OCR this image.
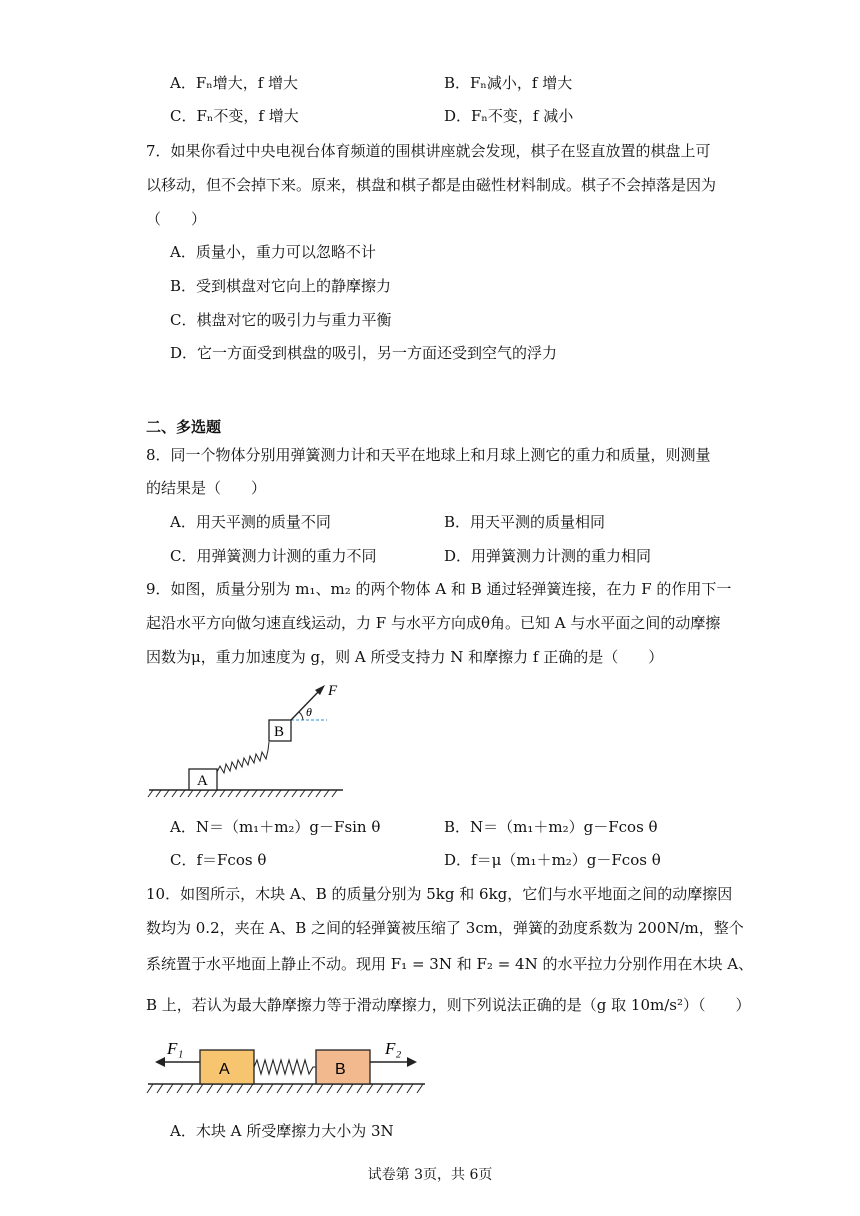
A．Fₙ增大，f 增大	B．Fₙ减小，f 增大
C．Fₙ不变，f 增大	D．Fₙ不变，f 减小
7．如果你看过中央电视台体育频道的围棋讲座就会发现，棋子在竖直放置的棋盘上可
以移动，但不会掉下来。原来，棋盘和棋子都是由磁性材料制成。棋子不会掉落是因为
（　　）
A．质量小，重力可以忽略不计
B．受到棋盘对它向上的静摩擦力
C．棋盘对它的吸引力与重力平衡
D．它一方面受到棋盘的吸引，另一方面还受到空气的浮力
二、多选题
8．同一个物体分别用弹簧测力计和天平在地球上和月球上测它的重力和质量，则测量
的结果是（　　）
A．用天平测的质量不同	B．用天平测的质量相同
C．用弹簧测力计测的重力不同	D．用弹簧测力计测的重力相同
9．如图，质量分别为 m₁、m₂ 的两个物体 A 和 B 通过轻弹簧连接，在力 F 的作用下一
起沿水平方向做匀速直线运动，力 F 与水平方向成θ角。已知 A 与水平面之间的动摩擦
因数为μ，重力加速度为 g，则 A 所受支持力 N 和摩擦力 f 正确的是（　　）
A
B
F
θ
A．N＝（m₁＋m₂）g－Fsin θ	B．N＝（m₁＋m₂）g－Fcos θ
C．f＝Fcos θ	D．f＝μ（m₁＋m₂）g－Fcos θ
10．如图所示，木块 A、B 的质量分别为 5kg 和 6kg，它们与水平地面之间的动摩擦因
数均为 0.2，夹在 A、B 之间的轻弹簧被压缩了 3cm，弹簧的劲度系数为 200N/m，整个
系统置于水平地面上静止不动。现用 F₁ = 3N 和 F₂ = 4N 的水平拉力分别作用在木块 A、
B 上，若认为最大静摩擦力等于滑动摩擦力，则下列说法正确的是（g 取 10m/s²）（　　）
A	B
F₁	F₂
A．木块 A 所受摩擦力大小为 3N
试卷第 3页，共 6页
